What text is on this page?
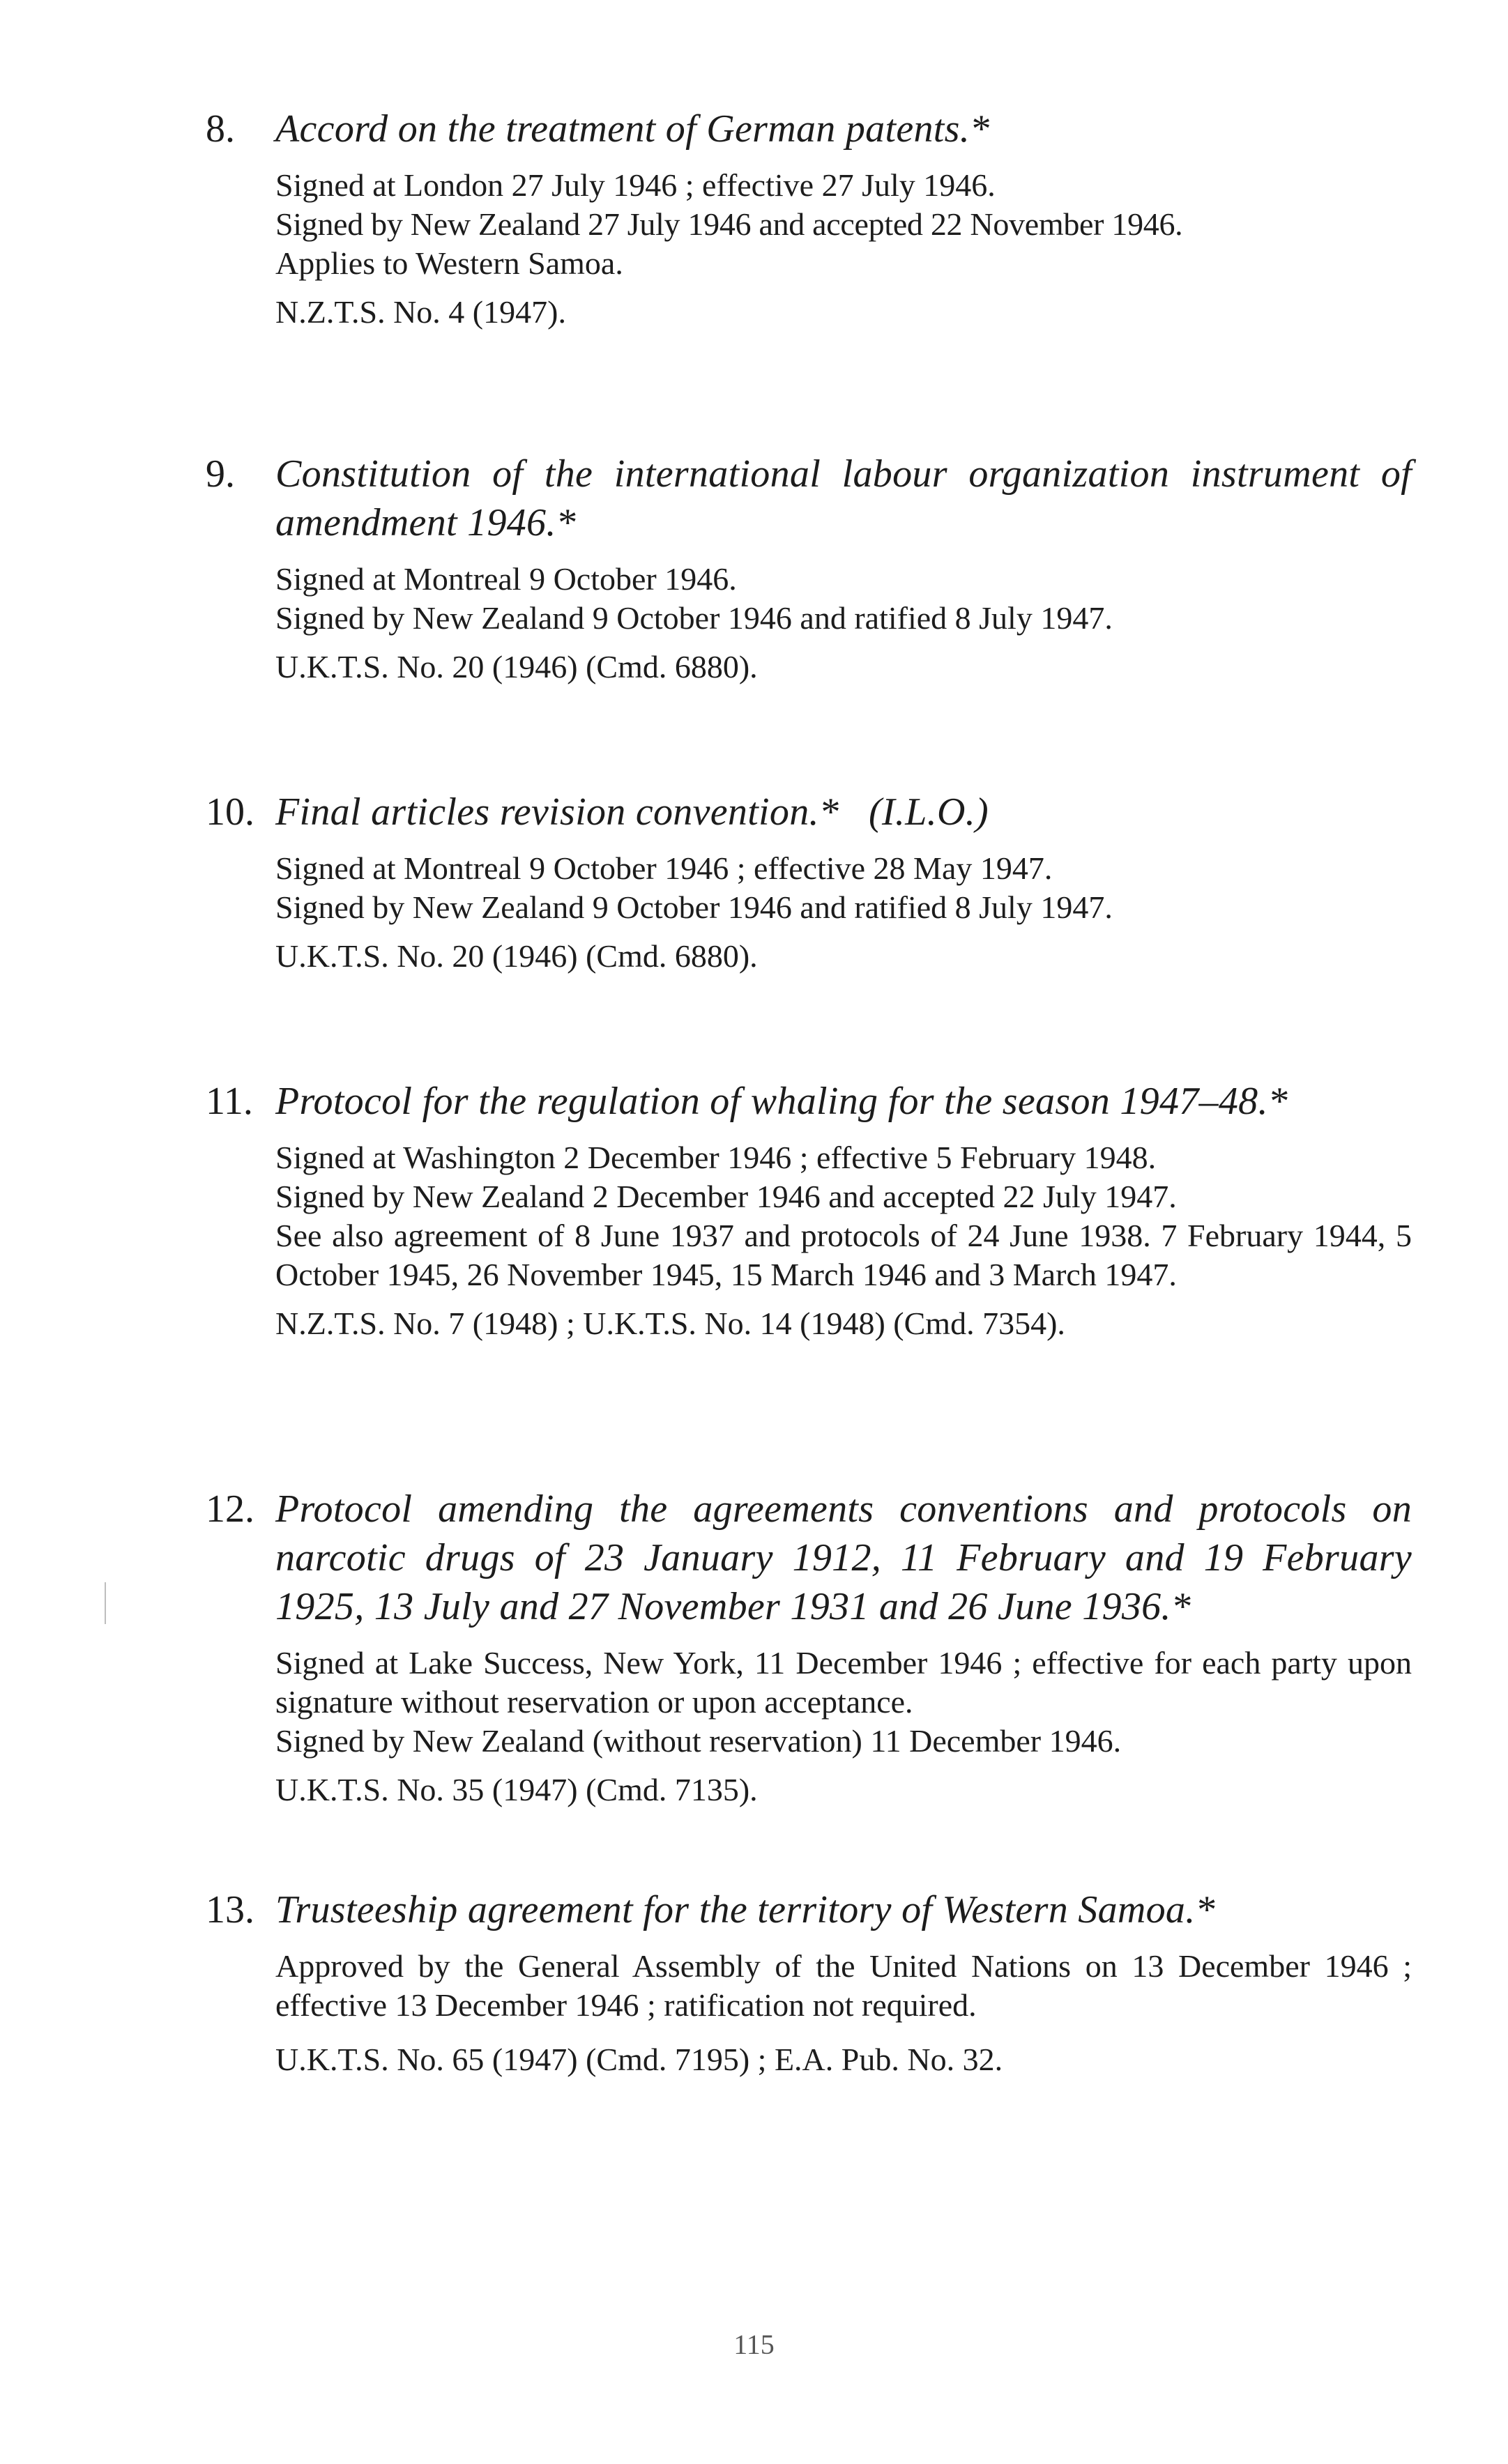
8.	Accord on the treatment of German patents.*

Signed at London 27 July 1946 ; effective 27 July 1946.

Signed by New Zealand 27 July 1946 and accepted 22 November 1946.

Applies to Western Samoa.

N.Z.T.S. No. 4 (1947).

9.	Constitution of the international labour organization instrument of amendment 1946.*

Signed at Montreal 9 October 1946.

Signed by New Zealand 9 October 1946 and ratified 8 July 1947.

U.K.T.S. No. 20 (1946) (Cmd. 6880).

10. Final articles revision convention.*   (I.L.O.)

Signed at Montreal 9 October 1946 ; effective 28 May 1947.

Signed by New Zealand 9 October 1946 and ratified 8 July 1947.

U.K.T.S. No. 20 (1946) (Cmd. 6880).

11. Protocol for the regulation of whaling for the season 1947–48.*

Signed at Washington 2 December 1946 ; effective 5 February 1948.

Signed by New Zealand 2 December 1946 and accepted 22 July 1947.

See also agreement of 8 June 1937 and protocols of 24 June 1938. 7 February 1944, 5 October 1945, 26 November 1945, 15 March 1946 and 3 March 1947.

N.Z.T.S. No. 7 (1948) ; U.K.T.S. No. 14 (1948) (Cmd. 7354).

12. Protocol amending the agreements conventions and protocols on narcotic drugs of 23 January 1912, 11 February and 19 February 1925, 13 July and 27 November 1931 and 26 June 1936.*

Signed at Lake Success, New York, 11 December 1946 ; effective for each party upon signature without reservation or upon acceptance.

Signed by New Zealand (without reservation) 11 December 1946.

U.K.T.S. No. 35 (1947) (Cmd. 7135).

13. Trusteeship agreement for the territory of Western Samoa.*

Approved by the General Assembly of the United Nations on 13 December 1946 ; effective 13 December 1946 ; ratification not required.

U.K.T.S. No. 65 (1947) (Cmd. 7195) ; E.A. Pub. No. 32.

115
